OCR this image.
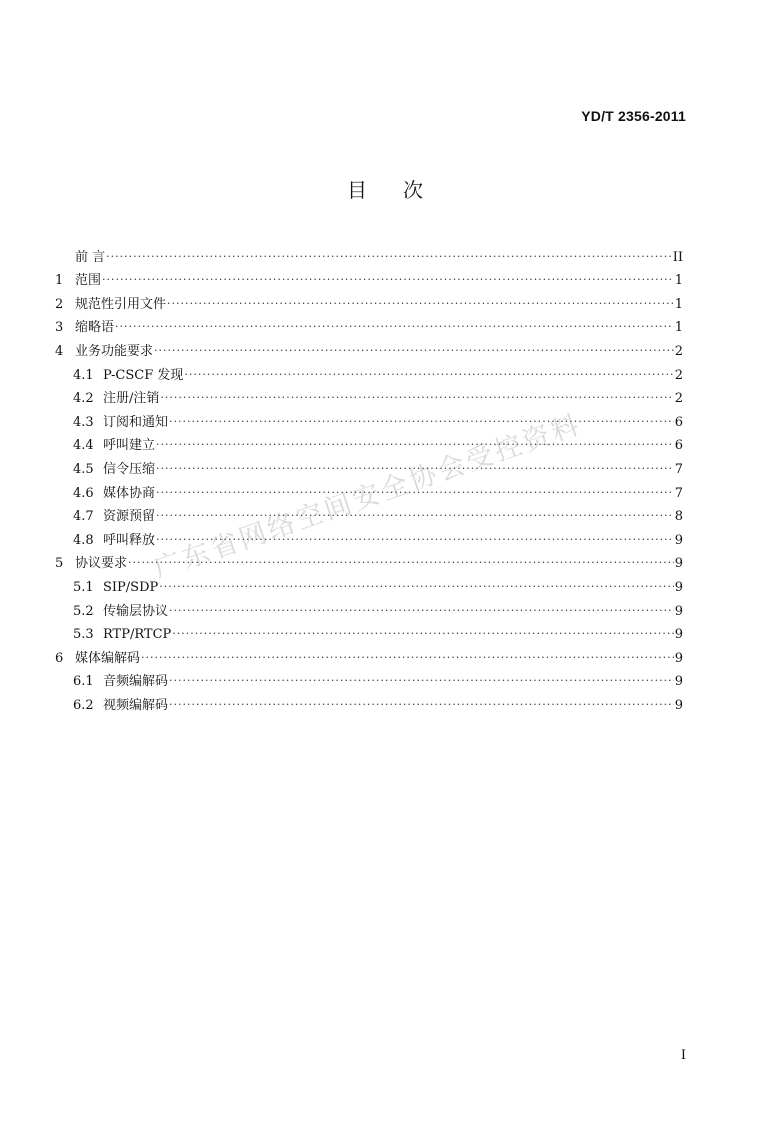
YD/T 2356-2011
目次
前 言 ·····	II
1 范围 ·····	1
2 规范性引用文件 ·····	1
3 缩略语 ·····	1
4 业务功能要求 ·····	2
4.1 P-CSCF 发现 ·····	2
4.2 注册/注销 ·····	2
4.3 订阅和通知 ·····	6
4.4 呼叫建立 ·····	6
4.5 信令压缩 ·····	7
4.6 媒体协商 ·····	7
4.7 资源预留 ·····	8
4.8 呼叫释放 ·····	9
5 协议要求 ·····	9
5.1 SIP/SDP ·····	9
5.2 传输层协议 ·····	9
5.3 RTP/RTCP ·····	9
6 媒体编解码 ·····	9
6.1 音频编解码 ·····	9
6.2 视频编解码 ·····	9
广东省网络空间安全协会受控资料
I
